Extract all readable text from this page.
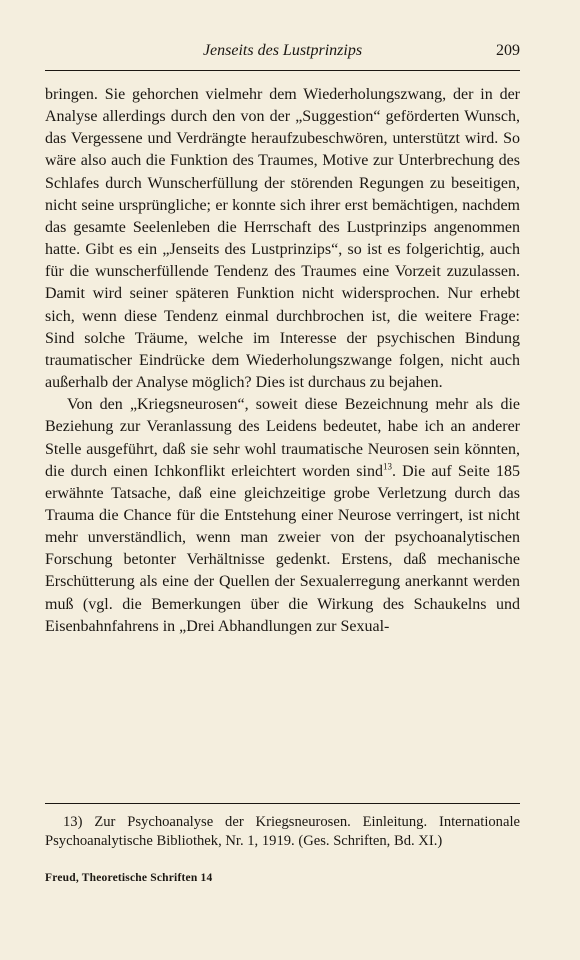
Jenseits des Lustprinzips	209

bringen. Sie gehorchen vielmehr dem Wiederholungszwang, der in der Analyse allerdings durch den von der „Suggestion“ geförderten Wunsch, das Vergessene und Verdrängte heraufzubeschwören, unterstützt wird. So wäre also auch die Funktion des Traumes, Motive zur Unterbrechung des Schlafes durch Wunscherfüllung der störenden Regungen zu beseitigen, nicht seine ursprüngliche; er konnte sich ihrer erst bemächtigen, nachdem das gesamte Seelenleben die Herrschaft des Lustprinzips angenommen hatte. Gibt es ein „Jenseits des Lustprinzips“, so ist es folgerichtig, auch für die wunscherfüllende Tendenz des Traumes eine Vorzeit zuzulassen. Damit wird seiner späteren Funktion nicht widersprochen. Nur erhebt sich, wenn diese Tendenz einmal durchbrochen ist, die weitere Frage: Sind solche Träume, welche im Interesse der psychischen Bindung traumatischer Eindrücke dem Wiederholungszwange folgen, nicht auch außerhalb der Analyse möglich? Dies ist durchaus zu bejahen.

Von den „Kriegsneurosen“, soweit diese Bezeichnung mehr als die Beziehung zur Veranlassung des Leidens bedeutet, habe ich an anderer Stelle ausgeführt, daß sie sehr wohl traumatische Neurosen sein könnten, die durch einen Ichkonflikt erleichtert worden sind$^{13}$. Die auf Seite 185 erwähnte Tatsache, daß eine gleichzeitige grobe Verletzung durch das Trauma die Chance für die Entstehung einer Neurose verringert, ist nicht mehr unverständlich, wenn man zweier von der psychoanalytischen Forschung betonter Verhältnisse gedenkt. Erstens, daß mechanische Erschütterung als eine der Quellen der Sexualerregung anerkannt werden muß (vgl. die Bemerkungen über die Wirkung des Schaukelns und Eisenbahnfahrens in „Drei Abhandlungen zur Sexual-

13) Zur Psychoanalyse der Kriegsneurosen. Einleitung. Internationale Psychoanalytische Bibliothek, Nr. 1, 1919. (Ges. Schriften, Bd. XI.)

Freud, Theoretische Schriften 14
